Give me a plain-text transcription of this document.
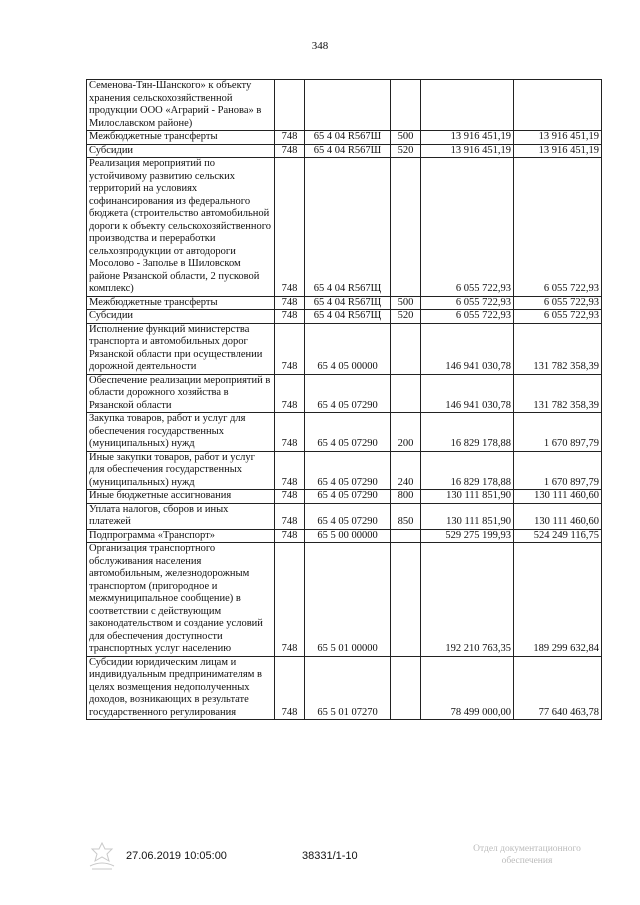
348
Семенова-Тян-Шанского» к объекту хранения сельскохозяйственной продукции ООО «Аграрий - Ранова» в Милославском районе)					
Межбюджетные трансферты	748	65 4 04 R567Ш	500	13 916 451,19	13 916 451,19
Субсидии	748	65 4 04 R567Ш	520	13 916 451,19	13 916 451,19
Реализация мероприятий по устойчивому развитию сельских территорий на условиях софинансирования из федерального бюджета (строительство автомобильной дороги к объекту сельскохозяйственного производства и переработки сельхозпродукции от автодороги Мосолово - Заполье в Шиловском районе Рязанской области, 2 пусковой комплекс)	748	65 4 04 R567Щ		6 055 722,93	6 055 722,93
Межбюджетные трансферты	748	65 4 04 R567Щ	500	6 055 722,93	6 055 722,93
Субсидии	748	65 4 04 R567Щ	520	6 055 722,93	6 055 722,93
Исполнение функций министерства транспорта и автомобильных дорог Рязанской области при осуществлении дорожной деятельности	748	65 4 05 00000		146 941 030,78	131 782 358,39
Обеспечение реализации мероприятий в области дорожного хозяйства в Рязанской области	748	65 4 05 07290		146 941 030,78	131 782 358,39
Закупка товаров, работ и услуг для обеспечения государственных (муниципальных) нужд	748	65 4 05 07290	200	16 829 178,88	1 670 897,79
Иные закупки товаров, работ и услуг для обеспечения государственных (муниципальных) нужд	748	65 4 05 07290	240	16 829 178,88	1 670 897,79
Иные бюджетные ассигнования	748	65 4 05 07290	800	130 111 851,90	130 111 460,60
Уплата налогов, сборов и иных платежей	748	65 4 05 07290	850	130 111 851,90	130 111 460,60
Подпрограмма «Транспорт»	748	65 5 00 00000		529 275 199,93	524 249 116,75
Организация транспортного обслуживания населения автомобильным, железнодорожным транспортом (пригородное и межмуниципальное сообщение) в соответствии с действующим законодательством и создание условий для обеспечения доступности транспортных услуг населению	748	65 5 01 00000		192 210 763,35	189 299 632,84
Субсидии юридическим лицам и индивидуальным предпринимателям в целях возмещения недополученных доходов, возникающих в результате государственного регулирования	748	65 5 01 07270		78 499 000,00	77 640 463,78
27.06.2019 10:05:00	38331/1-10
Отдел документационного обеспечения
